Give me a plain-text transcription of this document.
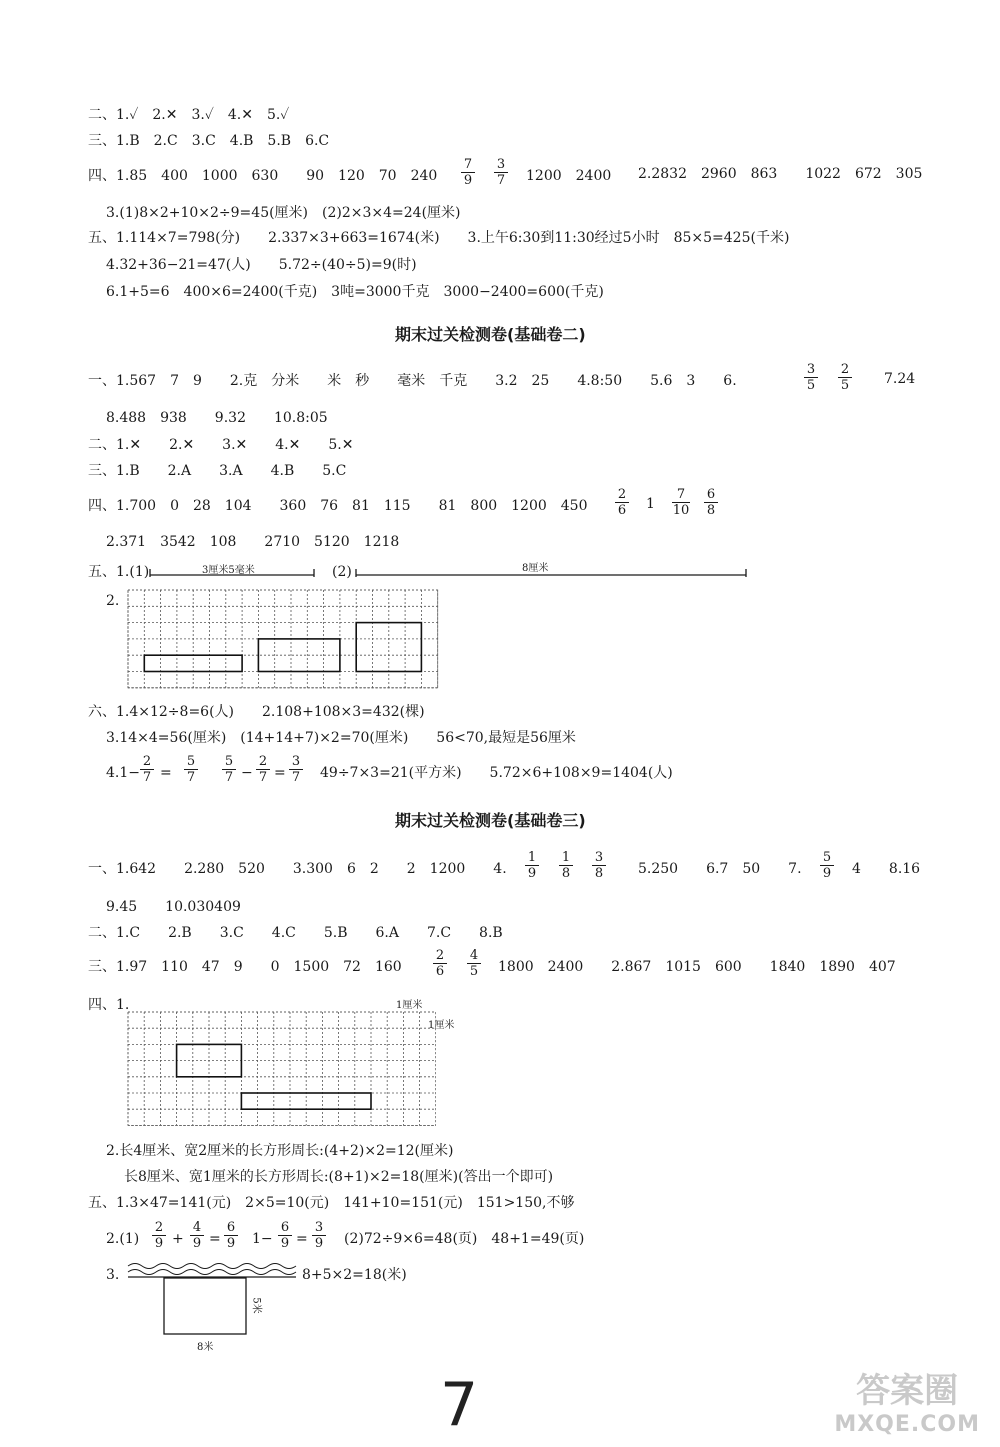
二、1.✓　2.✕　3.✓　4.✕　5.✓
三、1.B　2.C　3.C　4.B　5.B　6.C
四、1.85　400　1000　630　　90　120　70　$240 \frac{7}{9} \frac{3}{7} 1200$　2400 2.2832　2960　863　　1022　672　305
3.(1)8×2+10×2÷9=45(厘米)　(2)2×3×4=24(厘米)
五、1.114×7=798(分)　　2.337×3+663=1674(米)　　3.上午6:30到11:30经过5小时　85×5=425(千米)
4.32+36−21=47(人)　　5.72÷(40÷5)=9(时)
6.1+5=6　400×6=2400(千克)　3吨=3000千克　3000−2400=600(千克)
期末过关检测卷(基础卷二)
一、1.567　7　9　　2.克　分米　　米　秒　　毫米　千克　　3.2　25　　4.8:50　　5.6　3　　6.	$\frac{3}{5} \frac{2}{5} 7.24$
8.488　938　　9.32　　10.8:05
二、1.✕　　2.✕　　3.✕　　4.✕　　5.✕
三、1.B　　2.A　　3.A　　4.B　　5.C
四、1.700　0　28　104　　360　76　81　115　　81　800　1200　$450 \frac{2}{6} 1 \frac{7}{10} \frac{6}{8}$
2.371　3542　108　　2710　5120　1218
五、1.(1)	3厘米5毫米	(2)	8厘米
2.
六、1.4×12÷8=6(人)　　2.108+108×3=432(棵)
3.14×4=56(厘米)　(14+14+7)×2=70(厘米)　　56<70,最短是56厘米
$4.1- \frac{2}{7} = \frac{5}{7} \frac{5}{7} - \frac{2}{7} = \frac{3}{7} 49\div 7\times 3=21$(平方米)　　5.72×6+108×9=1404(人)
期末过关检测卷(基础卷三)
一、1.642　　2.280　520　　3.300　6　2　　2　1200　　4. $\frac{1}{9} \frac{1}{8} \frac{3}{8} 5.250$　　6.7　50　　7. $\frac{5}{9} 4$　　8.16
9.45　　10.030409
二、1.C　　2.B　　3.C　　4.C　　5.B　　6.A　　7.C　　8.B
三、1.97　110　47　9　　0　1500　72　$160 \frac{2}{6} \frac{4}{5} 1800$　2400　　2.867　1015　600　　1840　1890　407
四、1.	1厘米
1厘米
2.长4厘米、宽2厘米的长方形周长:(4+2)×2=12(厘米)
长8厘米、宽1厘米的长方形周长:(8+1)×2=18(厘米)(答出一个即可)
五、1.3×47=141(元)　2×5=10(元)　141+10=151(元)　151>150,不够
$2.(1) \frac{2}{9} + \frac{4}{9} = \frac{6}{9} 1- \frac{6}{9} = \frac{3}{9} (2)72\div 9\times 6=48$(页)　48+1=49(页)
3.	8+5×2=18(米)
5米
8米
7	答案圈
MXQE.COM
